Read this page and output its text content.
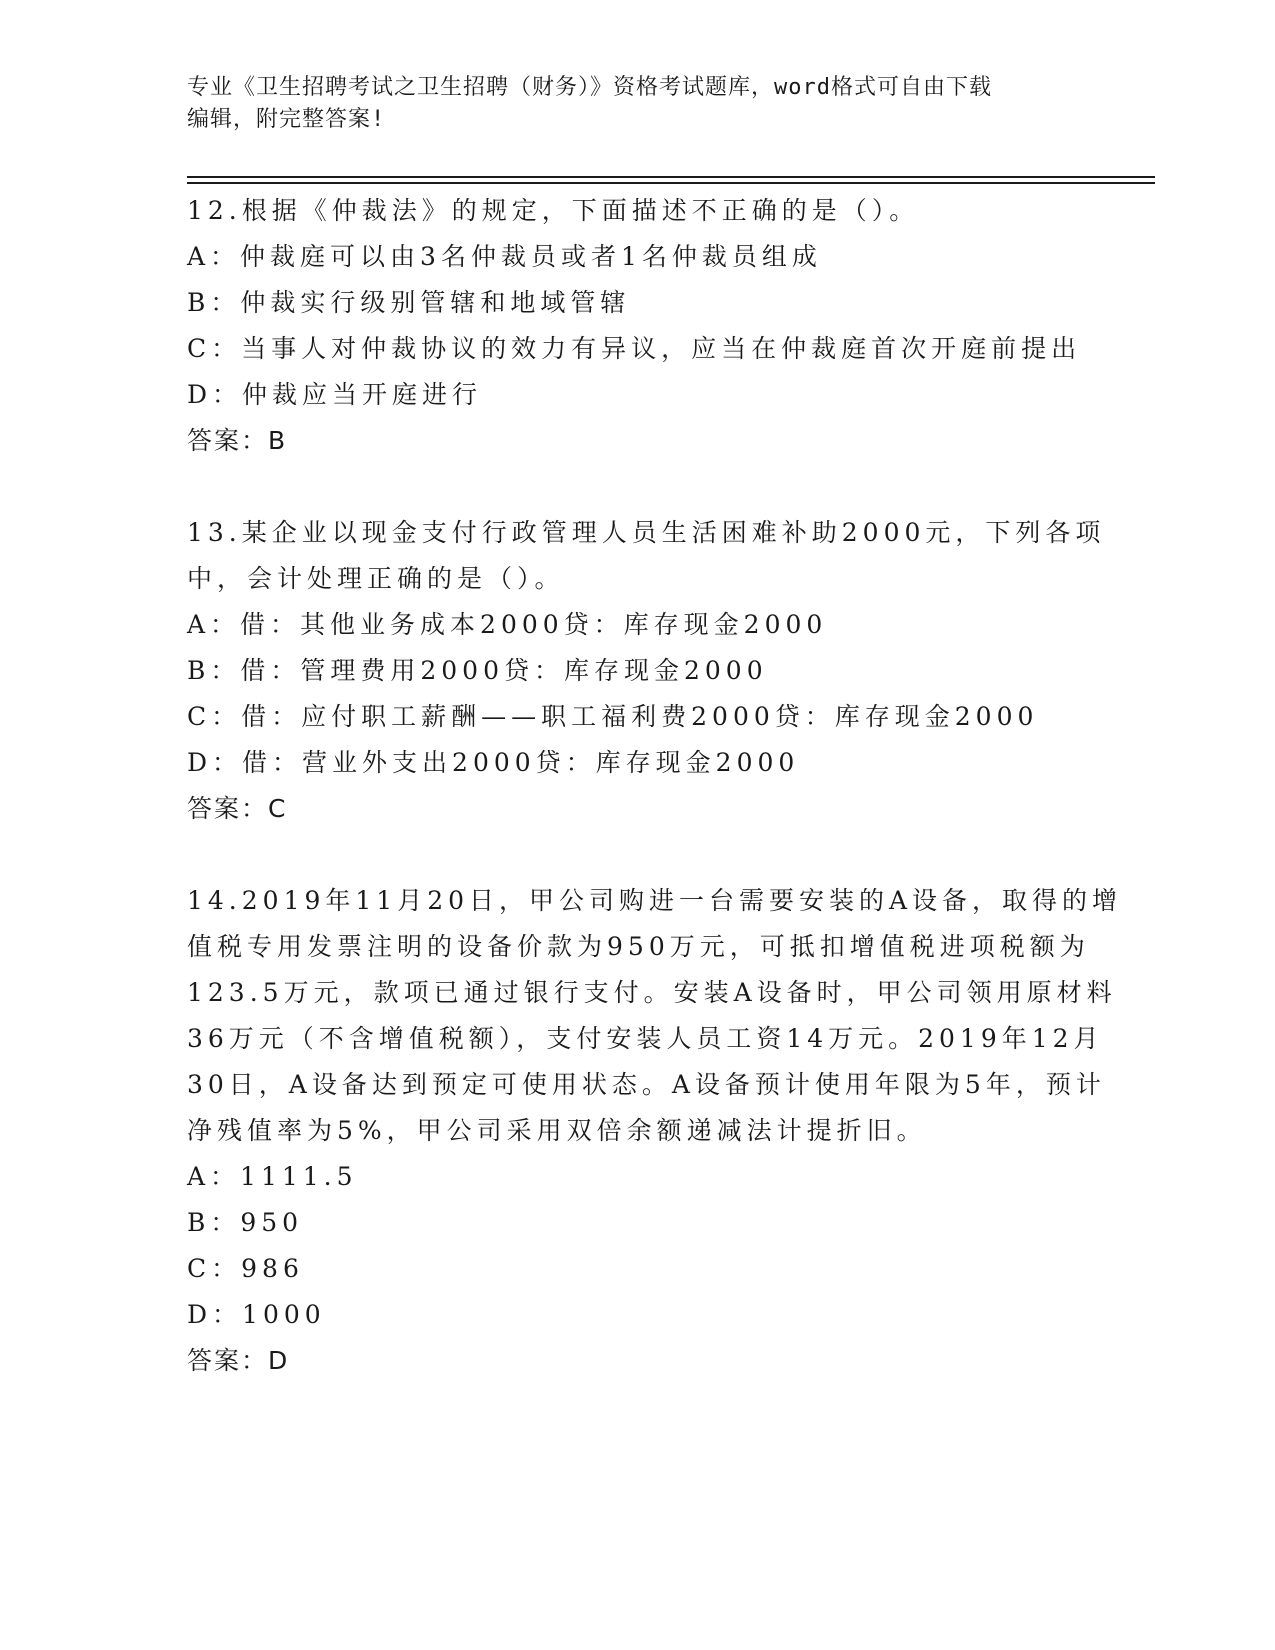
专业《卫生招聘考试之卫生招聘（财务）》资格考试题库，word格式可自由下载
编辑，附完整答案!
12.根据《仲裁法》的规定，下面描述不正确的是（）。
A：仲裁庭可以由3名仲裁员或者1名仲裁员组成
B：仲裁实行级别管辖和地域管辖
C：当事人对仲裁协议的效力有异议，应当在仲裁庭首次开庭前提出
D：仲裁应当开庭进行
答案：B
13.某企业以现金支付行政管理人员生活困难补助2000元，下列各项
中，会计处理正确的是（）。
A：借：其他业务成本2000贷：库存现金2000
B：借：管理费用2000贷：库存现金2000
C：借：应付职工薪酬——职工福利费2000贷：库存现金2000
D：借：营业外支出2000贷：库存现金2000
答案：C
14.2019年11月20日，甲公司购进一台需要安装的A设备，取得的增
值税专用发票注明的设备价款为950万元，可抵扣增值税进项税额为
123.5万元，款项已通过银行支付。安装A设备时，甲公司领用原材料
36万元（不含增值税额），支付安装人员工资14万元。2019年12月
30日，A设备达到预定可使用状态。A设备预计使用年限为5年，预计
净残值率为5%，甲公司采用双倍余额递减法计提折旧。
A：1111.5
B：950
C：986
D：1000
答案：D
